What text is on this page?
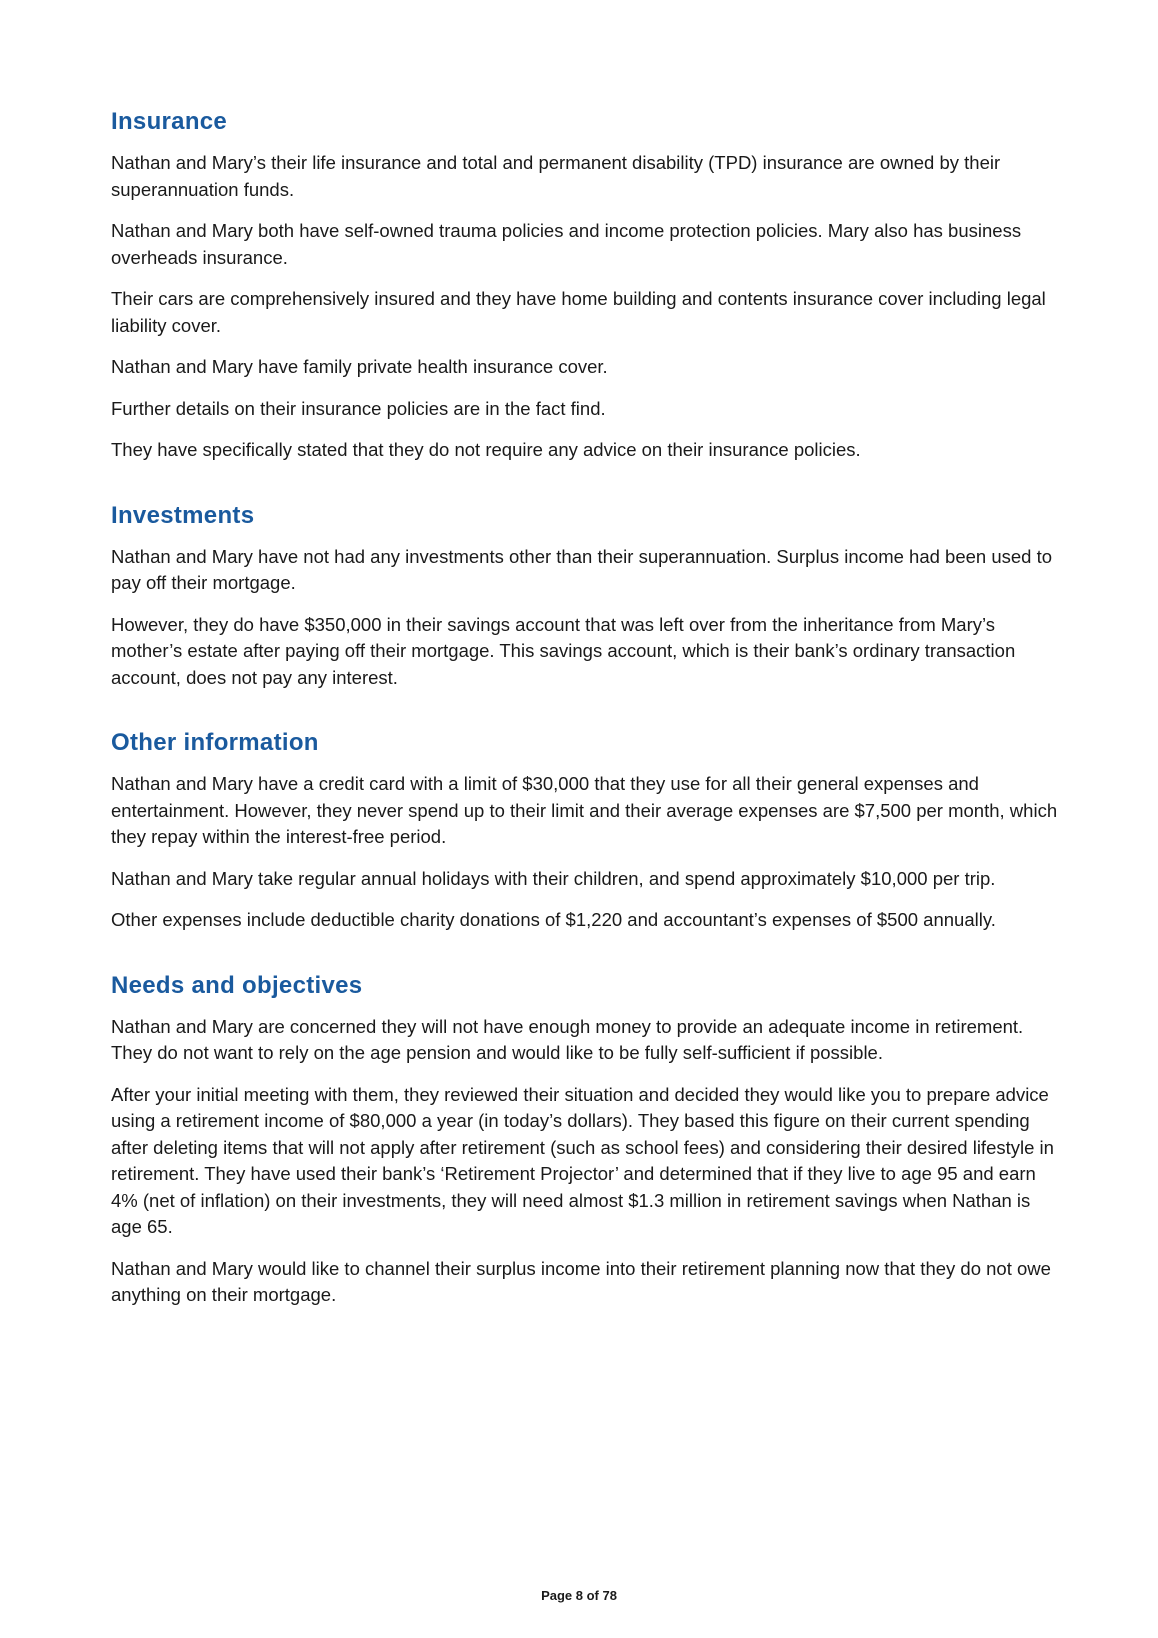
Insurance

Nathan and Mary’s their life insurance and total and permanent disability (TPD) insurance are owned by their superannuation funds.

Nathan and Mary both have self-owned trauma policies and income protection policies. Mary also has business overheads insurance.

Their cars are comprehensively insured and they have home building and contents insurance cover including legal liability cover.

Nathan and Mary have family private health insurance cover.

Further details on their insurance policies are in the fact find.

They have specifically stated that they do not require any advice on their insurance policies.

Investments

Nathan and Mary have not had any investments other than their superannuation. Surplus income had been used to pay off their mortgage.

However, they do have $350,000 in their savings account that was left over from the inheritance from Mary’s mother’s estate after paying off their mortgage. This savings account, which is their bank’s ordinary transaction account, does not pay any interest.

Other information

Nathan and Mary have a credit card with a limit of $30,000 that they use for all their general expenses and entertainment. However, they never spend up to their limit and their average expenses are $7,500 per month, which they repay within the interest-free period.

Nathan and Mary take regular annual holidays with their children, and spend approximately $10,000 per trip.

Other expenses include deductible charity donations of $1,220 and accountant’s expenses of $500 annually.

Needs and objectives

Nathan and Mary are concerned they will not have enough money to provide an adequate income in retirement. They do not want to rely on the age pension and would like to be fully self-sufficient if possible.

After your initial meeting with them, they reviewed their situation and decided they would like you to prepare advice using a retirement income of $80,000 a year (in today’s dollars). They based this figure on their current spending after deleting items that will not apply after retirement (such as school fees) and considering their desired lifestyle in retirement. They have used their bank’s ‘Retirement Projector’ and determined that if they live to age 95 and earn 4% (net of inflation) on their investments, they will need almost $1.3 million in retirement savings when Nathan is age 65.

Nathan and Mary would like to channel their surplus income into their retirement planning now that they do not owe anything on their mortgage.

Page 8 of 78
